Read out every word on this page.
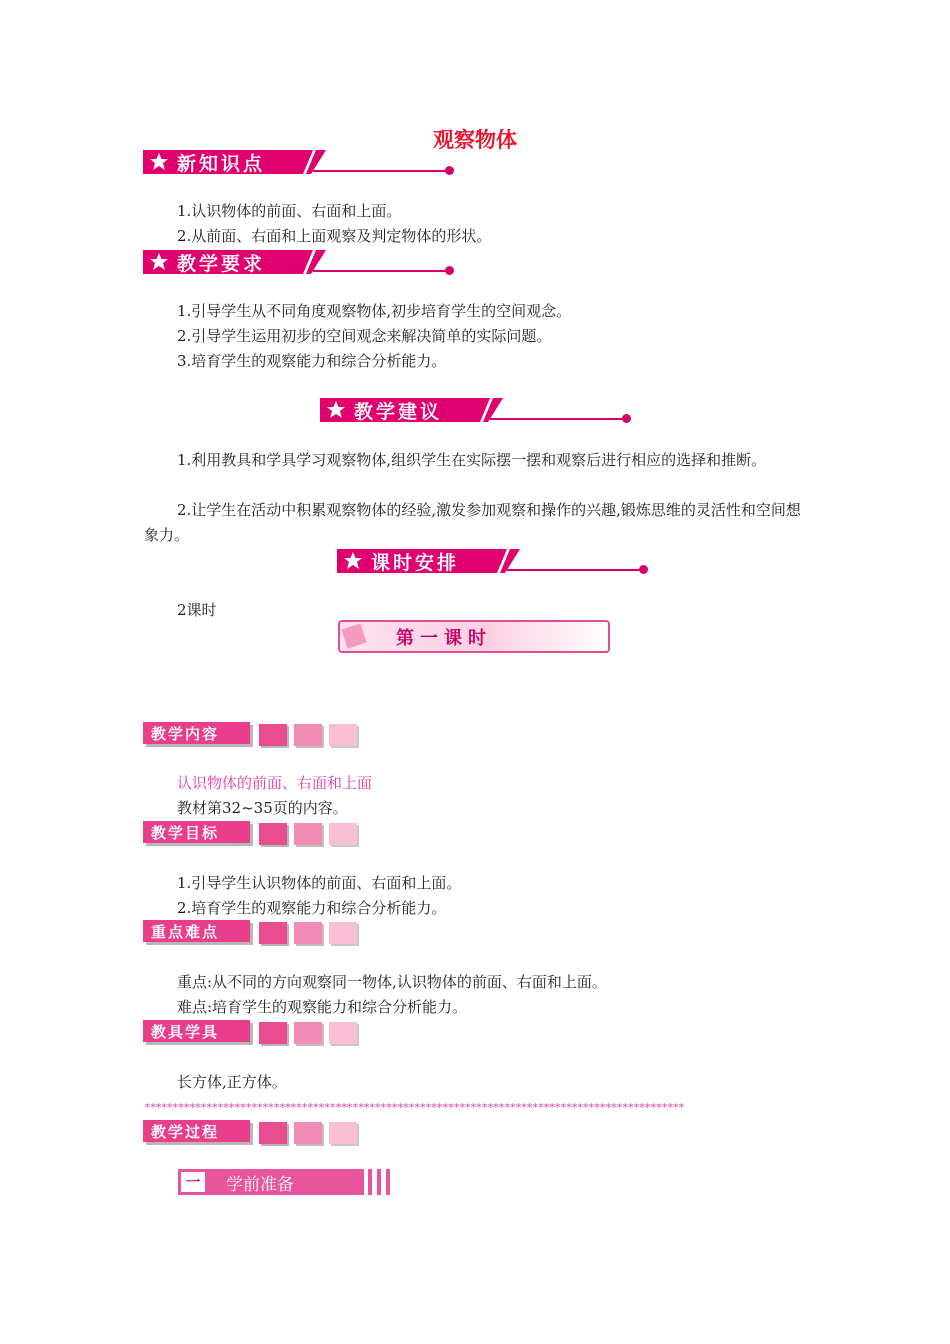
观察物体
新知识点
1.认识物体的前面、右面和上面。
2.从前面、右面和上面观察及判定物体的形状。
教学要求
1.引导学生从不同角度观察物体,初步培育学生的空间观念。
2.引导学生运用初步的空间观念来解决简单的实际问题。
3.培育学生的观察能力和综合分析能力。
教学建议
1.利用教具和学具学习观察物体,组织学生在实际摆一摆和观察后进行相应的选择和推断。
2.让学生在活动中积累观察物体的经验,激发参加观察和操作的兴趣,锻炼思维的灵活性和空间想象力。
课时安排
2课时
第一课时
教学内容
认识物体的前面、右面和上面
教材第32~35页的内容。
教学目标
1.引导学生认识物体的前面、右面和上面。
2.培育学生的观察能力和综合分析能力。
重点难点
重点:从不同的方向观察同一物体,认识物体的前面、右面和上面。
难点:培育学生的观察能力和综合分析能力。
教具学具
长方体,正方体。
************************************************************************************************
教学过程
一 学前准备
